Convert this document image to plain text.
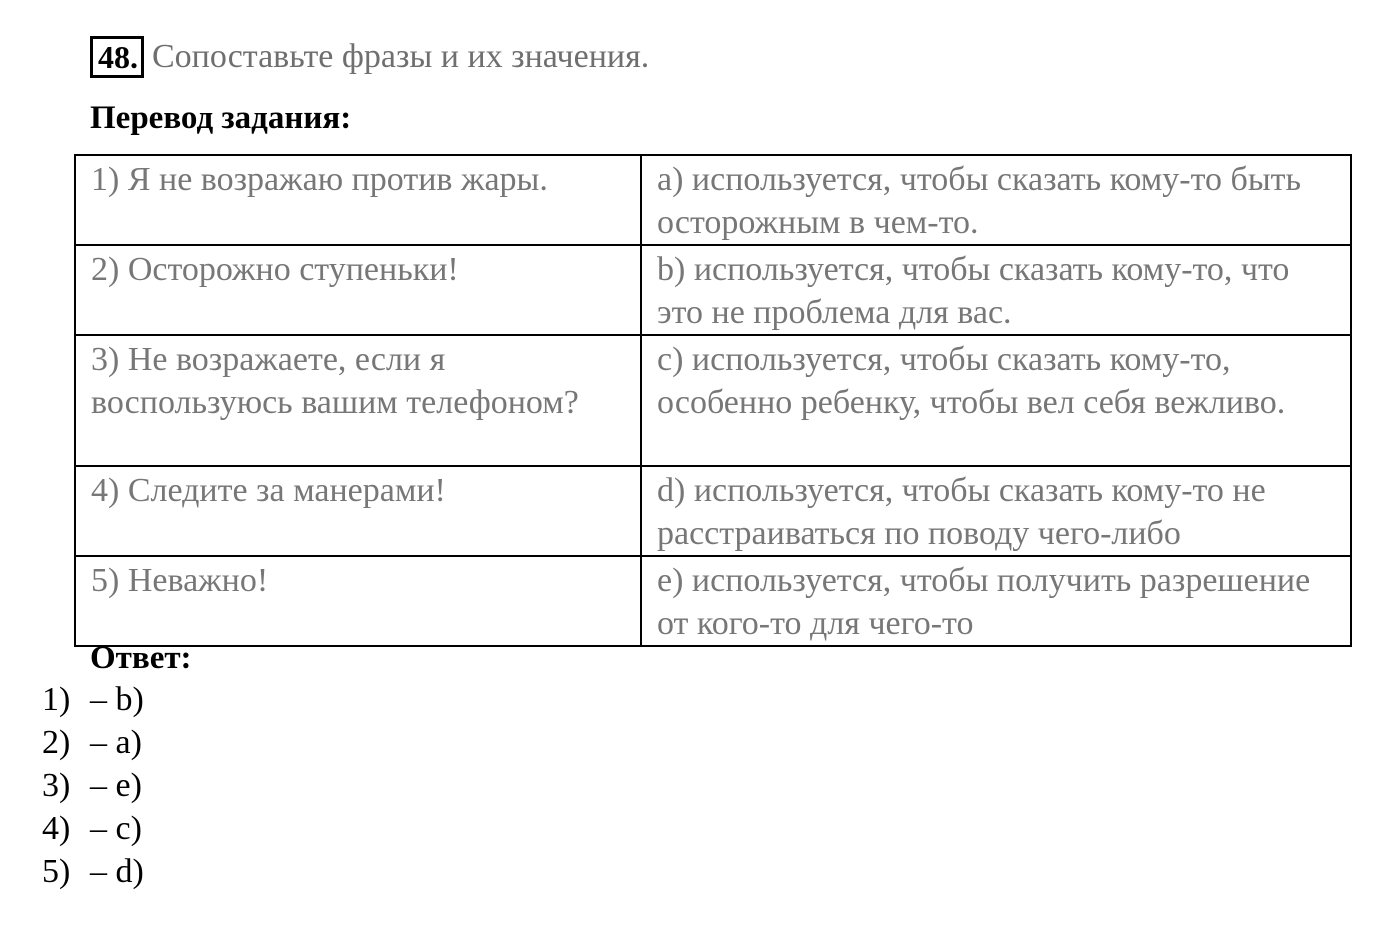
48. Сопоставьте фразы и их значения.
Перевод задания:
1) Я не возражаю против жары.	a) используется, чтобы сказать кому-то быть осторожным в чем-то.
2) Осторожно ступеньки!	b) используется, чтобы сказать кому-то, что это не проблема для вас.
3) Не возражаете, если я воспользуюсь вашим телефоном?	c) используется, чтобы сказать кому-то, особенно ребенку, чтобы вел себя вежливо.
4) Следите за манерами!	d) используется, чтобы сказать кому-то не расстраиваться по поводу чего-либо
5) Неважно!	e) используется, чтобы получить разрешение от кого-то для чего-то
Ответ:
1) – b)
2) – a)
3) – e)
4) – c)
5) – d)
